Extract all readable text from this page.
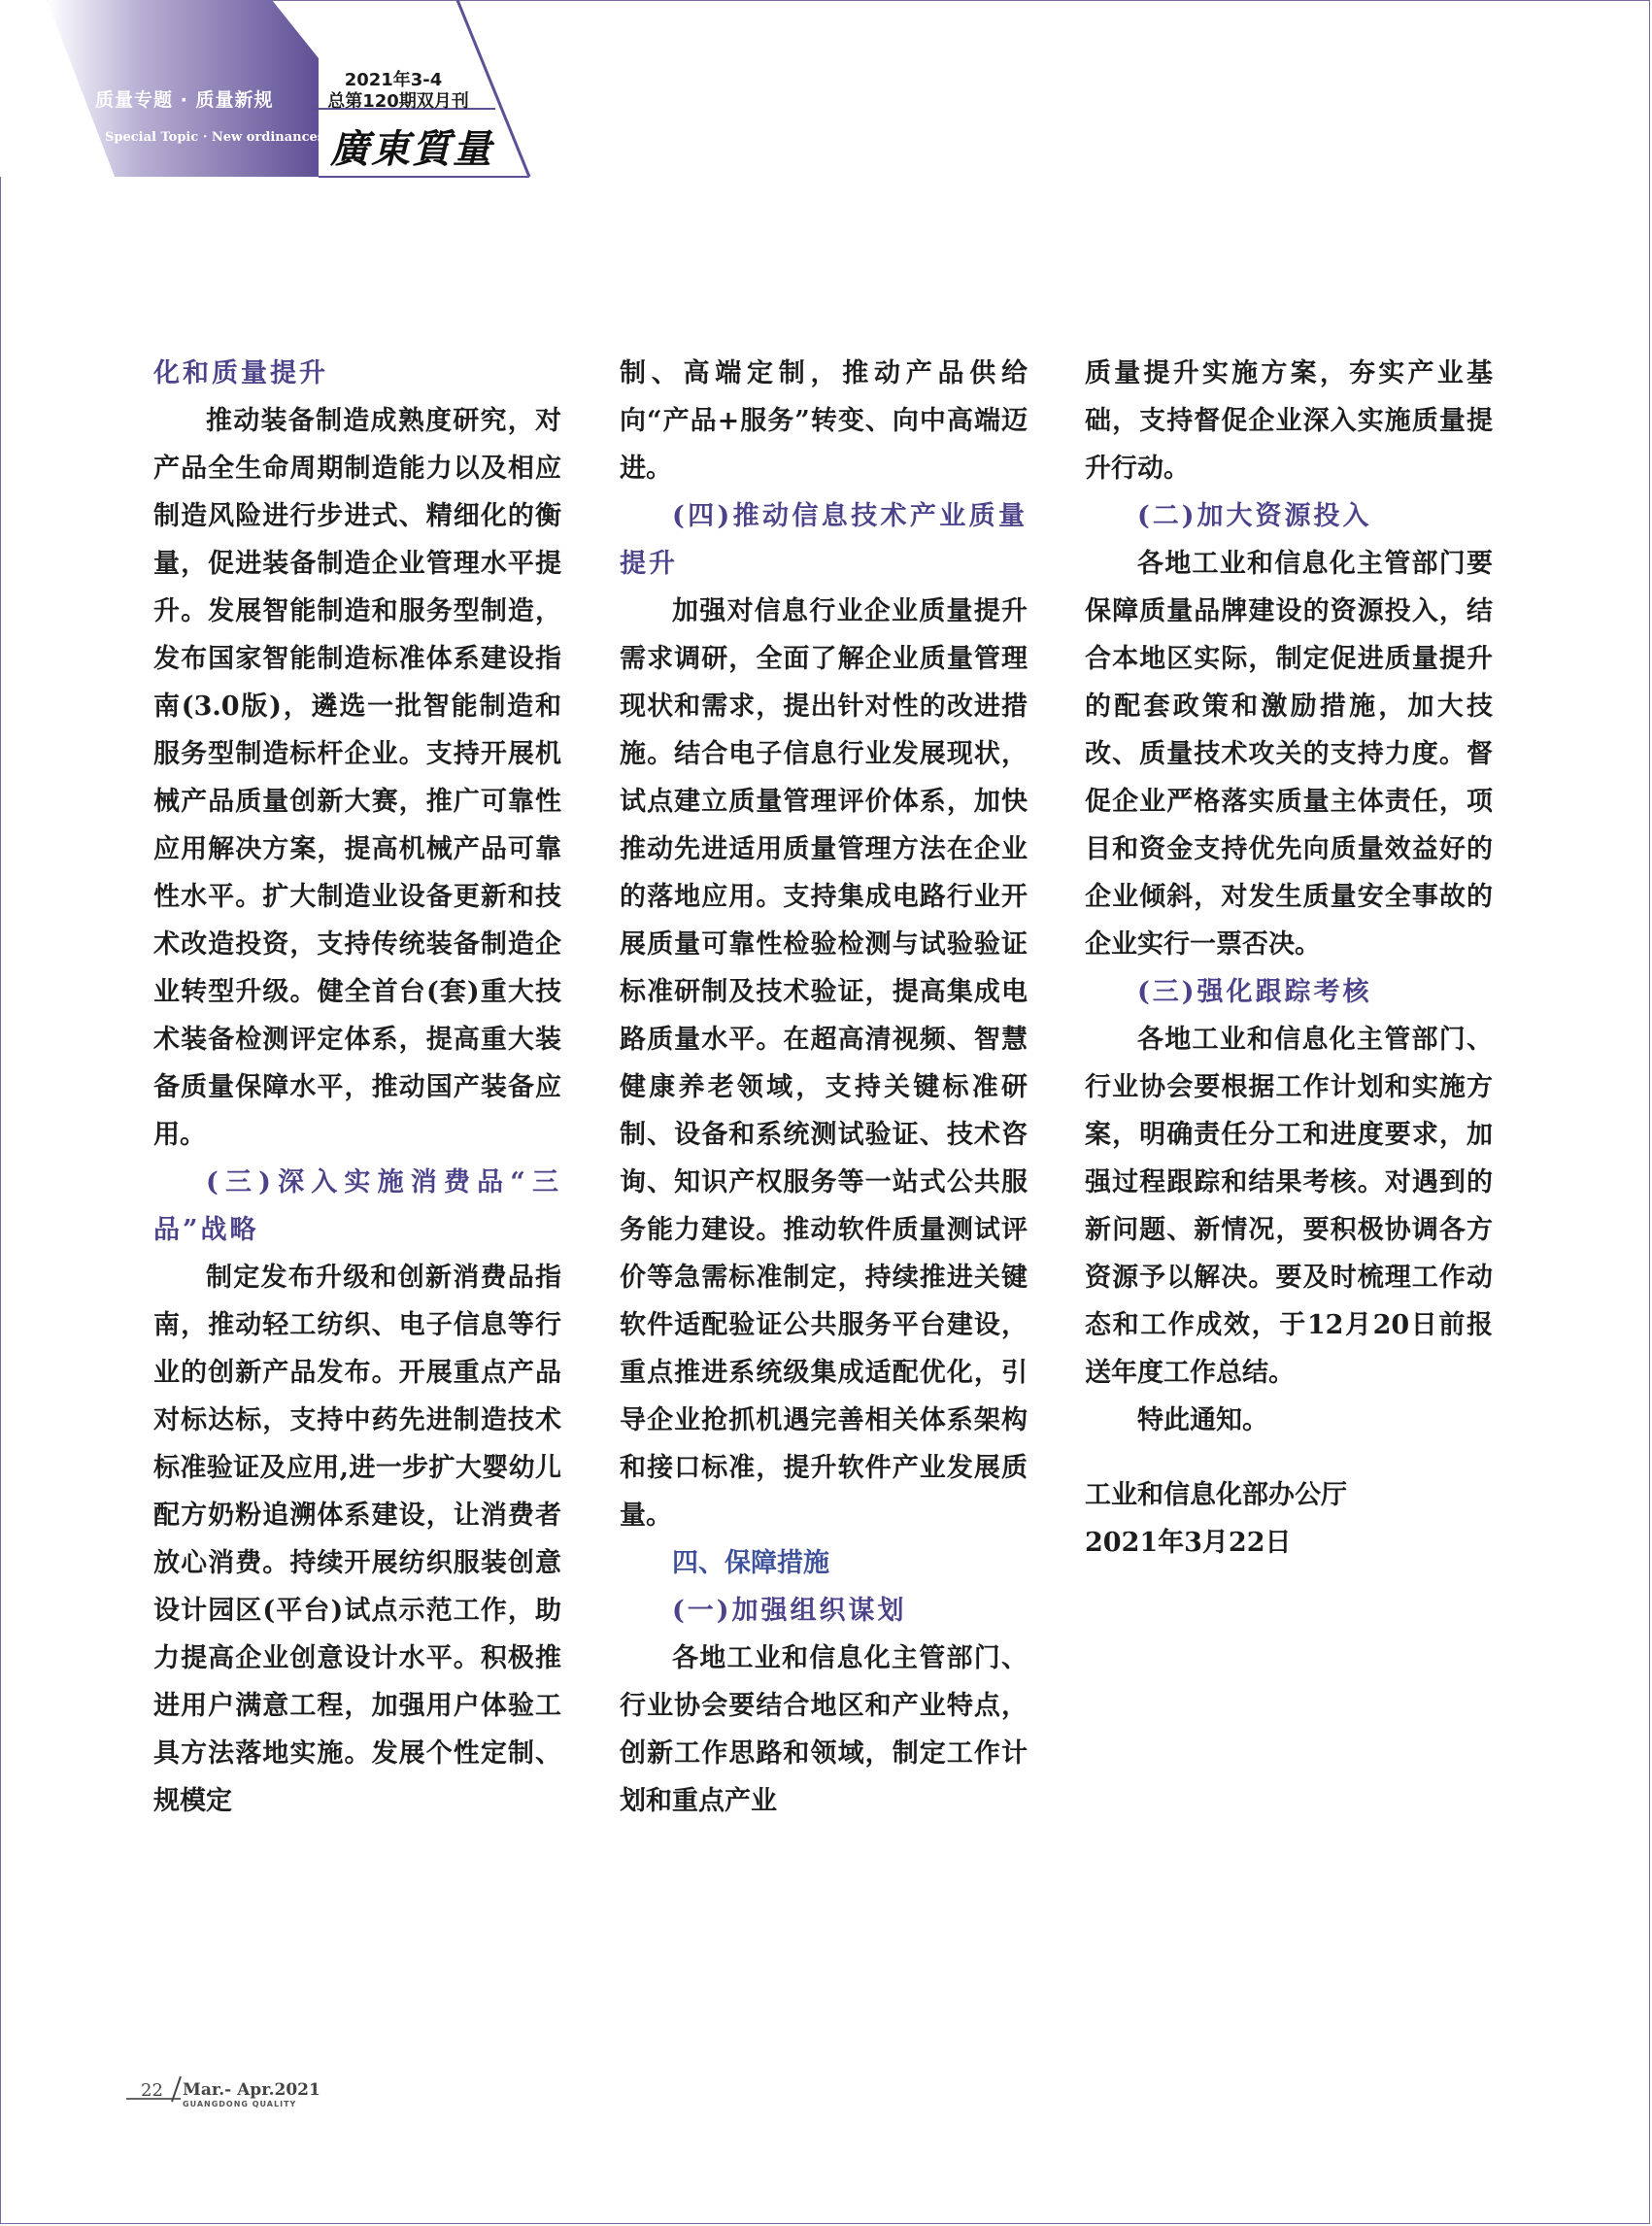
质量专题 · 质量新规
Special Topic · New ordinances
2021年3-4
总第120期双月刊
廣東質量

化和质量提升

推动装备制造成熟度研究，对产品全生命周期制造能力以及相应制造风险进行步进式、精细化的衡量，促进装备制造企业管理水平提升。发展智能制造和服务型制造，发布国家智能制造标准体系建设指南(3.0版)，遴选一批智能制造和服务型制造标杆企业。支持开展机械产品质量创新大赛，推广可靠性应用解决方案，提高机械产品可靠性水平。扩大制造业设备更新和技术改造投资，支持传统装备制造企业转型升级。健全首台(套)重大技术装备检测评定体系，提高重大装备质量保障水平，推动国产装备应用。

(三)深入实施消费品“三品”战略

制定发布升级和创新消费品指南，推动轻工纺织、电子信息等行业的创新产品发布。开展重点产品对标达标，支持中药先进制造技术标准验证及应用,进一步扩大婴幼儿配方奶粉追溯体系建设，让消费者放心消费。持续开展纺织服装创意设计园区(平台)试点示范工作，助力提高企业创意设计水平。积极推进用户满意工程，加强用户体验工具方法落地实施。发展个性定制、规模定

制、高端定制，推动产品供给向“产品+服务”转变、向中高端迈进。

(四)推动信息技术产业质量提升

加强对信息行业企业质量提升需求调研，全面了解企业质量管理现状和需求，提出针对性的改进措施。结合电子信息行业发展现状，试点建立质量管理评价体系，加快推动先进适用质量管理方法在企业的落地应用。支持集成电路行业开展质量可靠性检验检测与试验验证标准研制及技术验证，提高集成电路质量水平。在超高清视频、智慧健康养老领域，支持关键标准研制、设备和系统测试验证、技术咨询、知识产权服务等一站式公共服务能力建设。推动软件质量测试评价等急需标准制定，持续推进关键软件适配验证公共服务平台建设，重点推进系统级集成适配优化，引导企业抢抓机遇完善相关体系架构和接口标准，提升软件产业发展质量。

四、保障措施

(一)加强组织谋划

各地工业和信息化主管部门、行业协会要结合地区和产业特点，创新工作思路和领域，制定工作计划和重点产业

质量提升实施方案，夯实产业基础，支持督促企业深入实施质量提升行动。

(二)加大资源投入

各地工业和信息化主管部门要保障质量品牌建设的资源投入，结合本地区实际，制定促进质量提升的配套政策和激励措施，加大技改、质量技术攻关的支持力度。督促企业严格落实质量主体责任，项目和资金支持优先向质量效益好的企业倾斜，对发生质量安全事故的企业实行一票否决。

(三)强化跟踪考核

各地工业和信息化主管部门、行业协会要根据工作计划和实施方案，明确责任分工和进度要求，加强过程跟踪和结果考核。对遇到的新问题、新情况，要积极协调各方资源予以解决。要及时梳理工作动态和工作成效，于12月20日前报送年度工作总结。

特此通知。

工业和信息化部办公厅

2021年3月22日

22 Mar.- Apr.2021
GUANGDONG QUALITY
